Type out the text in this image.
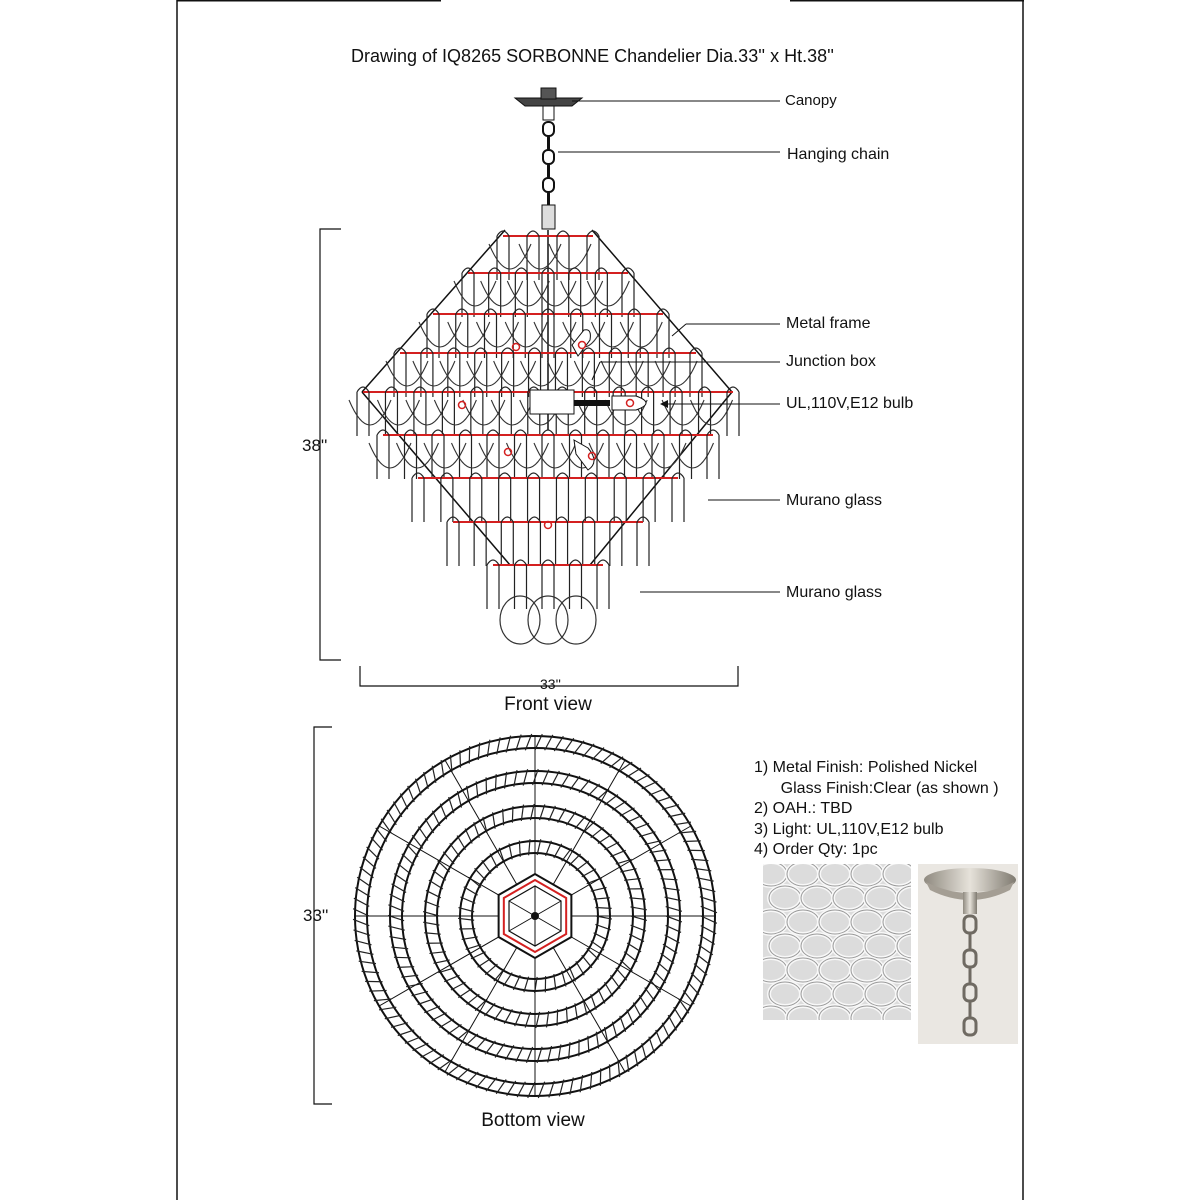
Drawing of IQ8265 SORBONNE Chandelier Dia.33'' x Ht.38''
Canopy
Hanging chain
Metal frame
Junction box
UL,110V,E12 bulb
Murano glass
Murano glass
38''
33''
Front view
33''
Bottom view
1) Metal Finish: Polished Nickel
Glass Finish:Clear (as shown )
2) OAH.: TBD
3) Light: UL,110V,E12 bulb
4) Order Qty: 1pc
